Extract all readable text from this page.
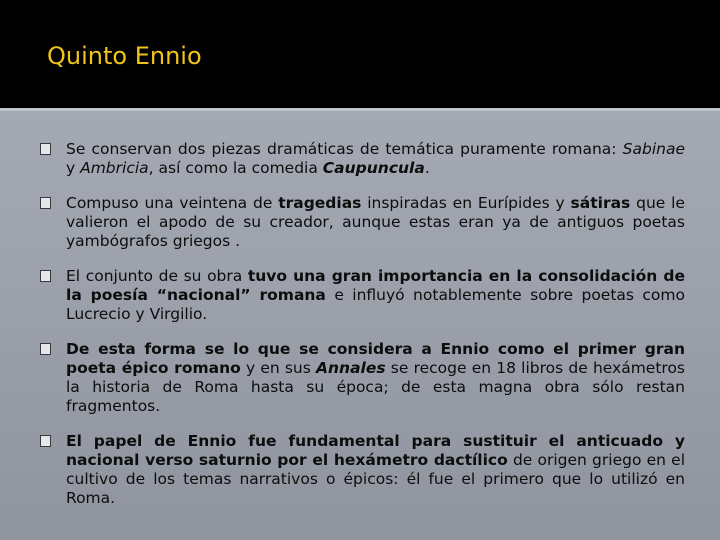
Quinto Ennio
Se conservan dos piezas dramáticas de temática puramente romana: Sabinae y Ambricia, así como la comedia Caupuncula.
Compuso una veintena de tragedias inspiradas en Eurípides y sátiras que le valieron el apodo de su creador, aunque estas eran ya de antiguos poetas yambógrafos griegos .
El conjunto de su obra tuvo una gran importancia en la consolidación de la poesía “nacional” romana e influyó notablemente sobre poetas como Lucrecio y Virgilio.
De esta forma se lo que se considera a Ennio como el primer gran poeta épico romano y en sus Annales se recoge en 18 libros de hexámetros la historia de Roma hasta su época; de esta magna obra sólo restan fragmentos.
El papel de Ennio fue fundamental para sustituir el anticuado y nacional verso saturnio por el hexámetro dactílico de origen griego en el cultivo de los temas narrativos o épicos: él fue el primero que lo utilizó en Roma.
